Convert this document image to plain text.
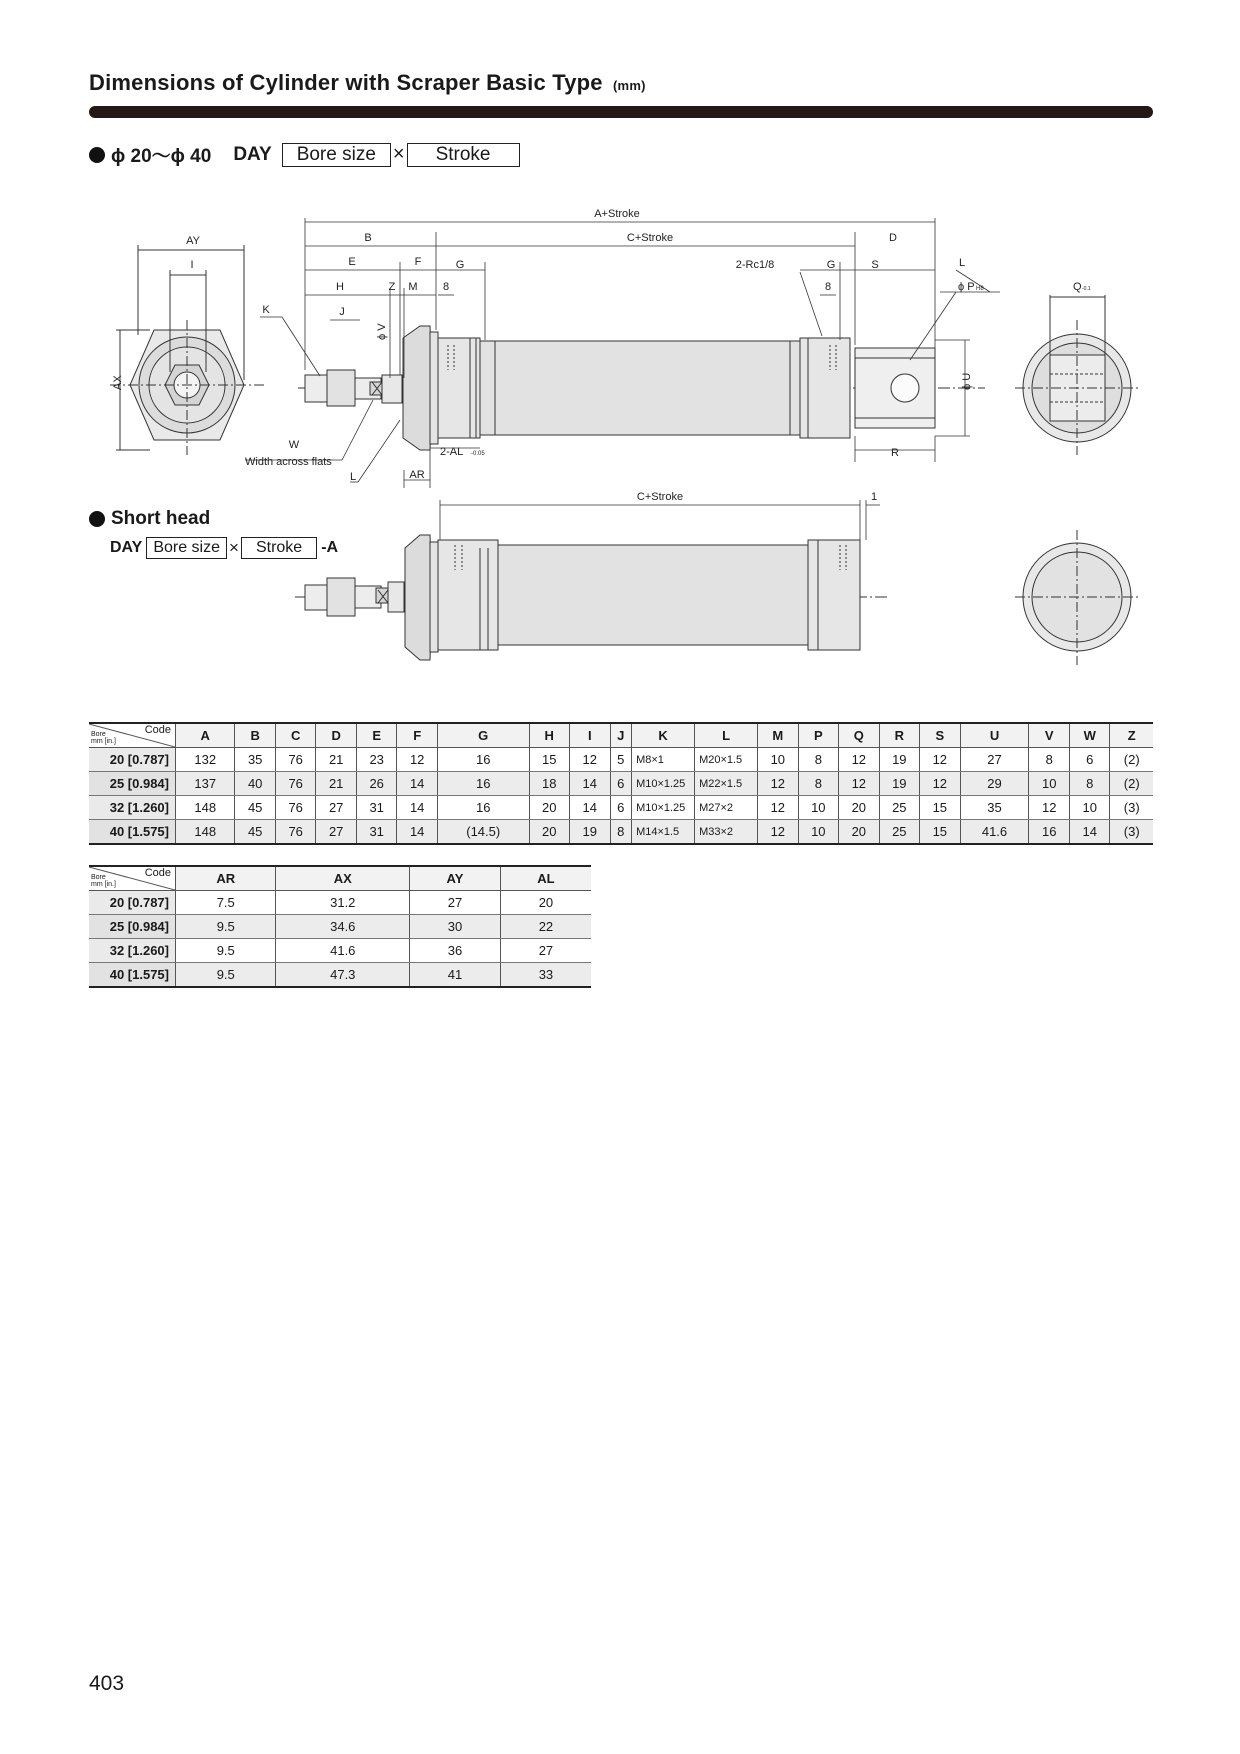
Dimensions of Cylinder with Scraper Basic Type (mm)
ϕ 20～ϕ 40 DAY	Bore size ×	Stroke
Short head
DAY Bore size ×	Stroke	-A
AY
I
AX
A+Stroke
B	C+Stroke	D
E	F	G	2-Rc1/8	G	S	L
ϕ P H8
H	Z M 8	8
J
K
ϕ V
ϕ U
Q -0.1
W
Width across flats
L
2-AL -0.05
AR
R
C+Stroke	1
Code
Bore
mm [in.]	A	B	C	D	E	F	G	H	I	J	K	L	M	P	Q	R	S	U	V	W	Z
20 [0.787]	132	35	76	21	23	12	16	15	12	5	M8×1	M20×1.5	10	8	12	19	12	27	8	6	(2)
25 [0.984]	137	40	76	21	26	14	16	18	14	6	M10×1.25	M22×1.5	12	8	12	19	12	29	10	8	(2)
32 [1.260]	148	45	76	27	31	14	16	20	14	6	M10×1.25	M27×2	12	10	20	25	15	35	12	10	(3)
40 [1.575]	148	45	76	27	31	14	(14.5)	20	19	8	M14×1.5	M33×2	12	10	20	25	15	41.6	16	14	(3)
Code
Bore
mm [in.]	AR	AX	AY	AL
20 [0.787]	7.5	31.2	27	20
25 [0.984]	9.5	34.6	30	22
32 [1.260]	9.5	41.6	36	27
40 [1.575]	9.5	47.3	41	33
403
